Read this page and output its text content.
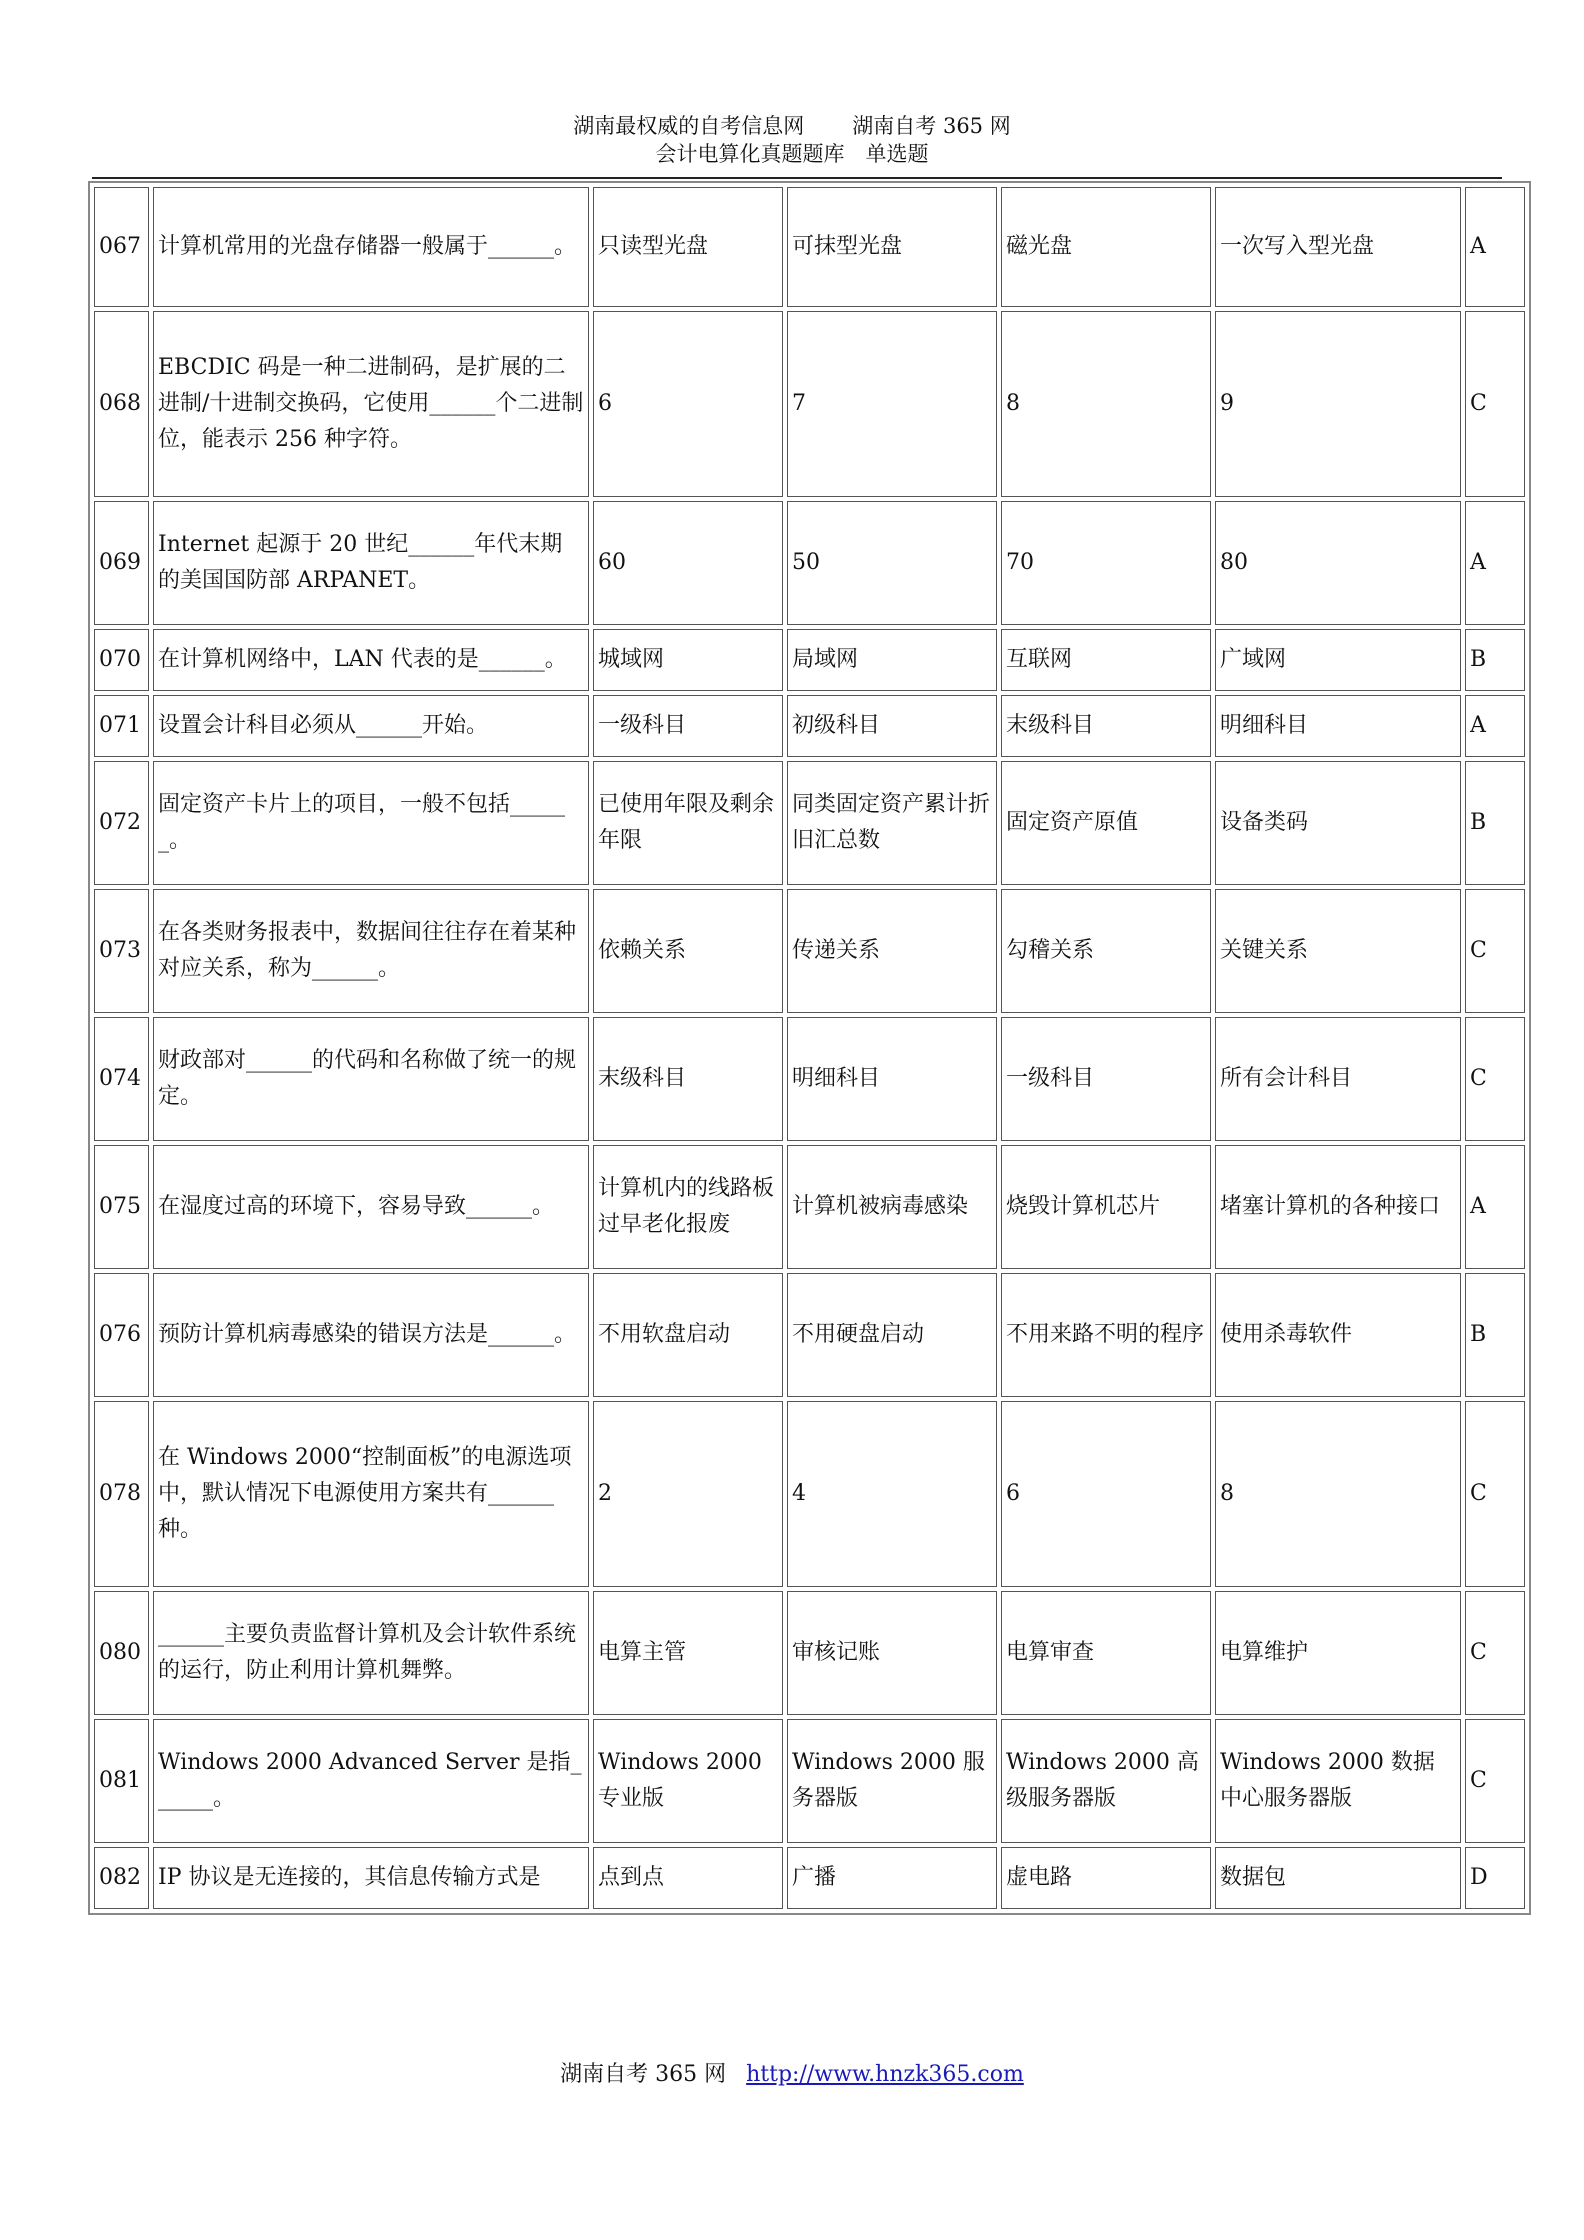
湖南最权威的自考信息网 湖南自考 365 网
会计电算化真题题库　单选题
067	计算机常用的光盘存储器一般属于______。	只读型光盘	可抹型光盘	磁光盘	一次写入型光盘	A
068	EBCDIC 码是一种二进制码，是扩展的二进制/十进制交换码，它使用______个二进制位，能表示 256 种字符。	6	7	8	9	C
069	Internet 起源于 20 世纪______年代末期的美国国防部 ARPANET。	60	50	70	80	A
070	在计算机网络中，LAN 代表的是______。	城域网	局域网	互联网	广域网	B
071	设置会计科目必须从______开始。	一级科目	初级科目	末级科目	明细科目	A
072	固定资产卡片上的项目，一般不包括______。	已使用年限及剩余年限	同类固定资产累计折旧汇总数	固定资产原值	设备类码	B
073	在各类财务报表中，数据间往往存在着某种对应关系，称为______。	依赖关系	传递关系	勾稽关系	关键关系	C
074	财政部对______的代码和名称做了统一的规定。	末级科目	明细科目	一级科目	所有会计科目	C
075	在湿度过高的环境下，容易导致______。	计算机内的线路板过早老化报废	计算机被病毒感染	烧毁计算机芯片	堵塞计算机的各种接口	A
076	预防计算机病毒感染的错误方法是______。	不用软盘启动	不用硬盘启动	不用来路不明的程序	使用杀毒软件	B
078	在 Windows 2000“控制面板”的电源选项中，默认情况下电源使用方案共有______种。	2	4	6	8	C
080	______主要负责监督计算机及会计软件系统的运行，防止利用计算机舞弊。	电算主管	审核记账	电算审查	电算维护	C
081	Windows 2000 Advanced Server 是指______。	Windows 2000 专业版	Windows 2000 服务器版	Windows 2000 高级服务器版	Windows 2000 数据中心服务器版	C
082	IP 协议是无连接的，其信息传输方式是	点到点	广播	虚电路	数据包	D
湖南自考 365 网 http://www.hnzk365.com
